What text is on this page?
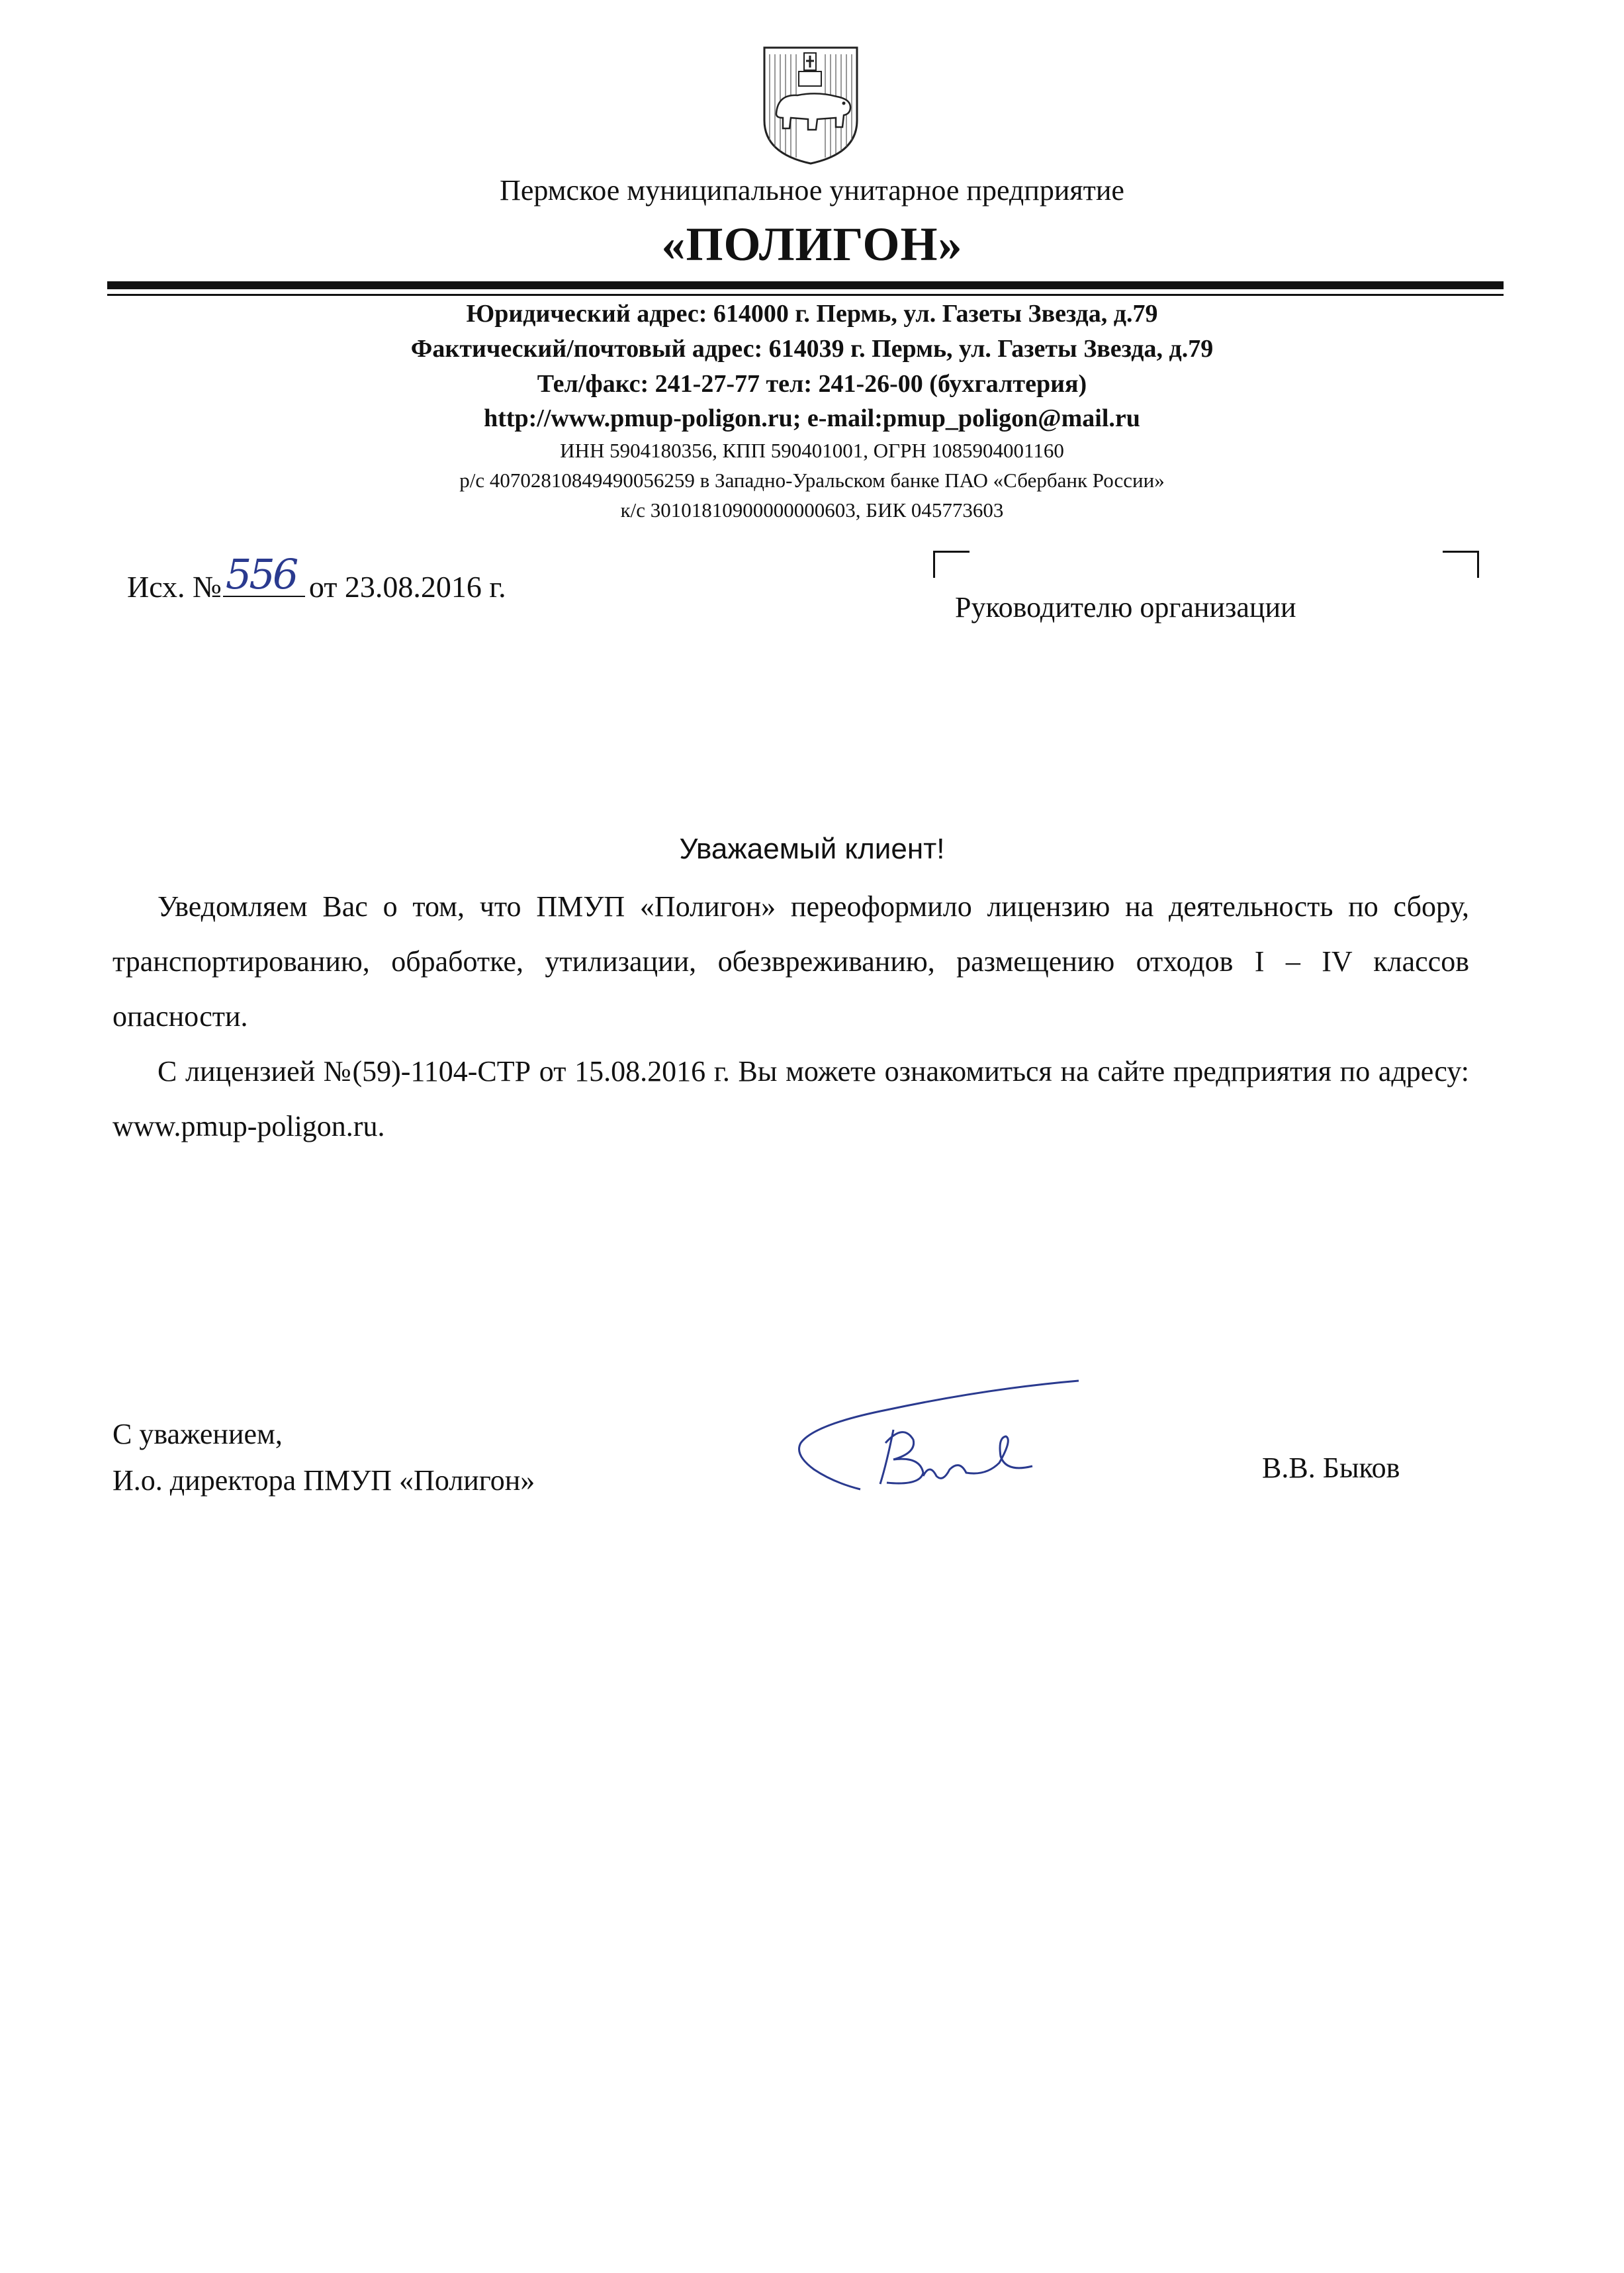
Пермское муниципальное унитарное предприятие
«ПОЛИГОН»
Юридический адрес: 614000 г. Пермь, ул. Газеты Звезда, д.79
Фактический/почтовый адрес: 614039 г. Пермь, ул. Газеты Звезда, д.79
Тел/факс: 241-27-77 тел: 241-26-00 (бухгалтерия)
http://www.pmup-poligon.ru; e-mail:pmup_poligon@mail.ru
ИНН 5904180356, КПП 590401001, ОГРН 1085904001160
р/с 40702810849490056259 в Западно-Уральском банке ПАО «Сбербанк России»
к/с 30101810900000000603, БИК 045773603
Исх. № 556 от 23.08.2016 г.
Руководителю организации
Уважаемый клиент!
Уведомляем Вас о том, что ПМУП «Полигон» переоформило лицензию на деятельность по сбору, транспортированию, обработке, утилизации, обезвреживанию, размещению отходов I – IV классов опасности.
С лицензией №(59)-1104-СТР от 15.08.2016 г. Вы можете ознакомиться на сайте предприятия по адресу: www.pmup-poligon.ru.
С уважением,
И.о. директора ПМУП «Полигон»	В.В. Быков
